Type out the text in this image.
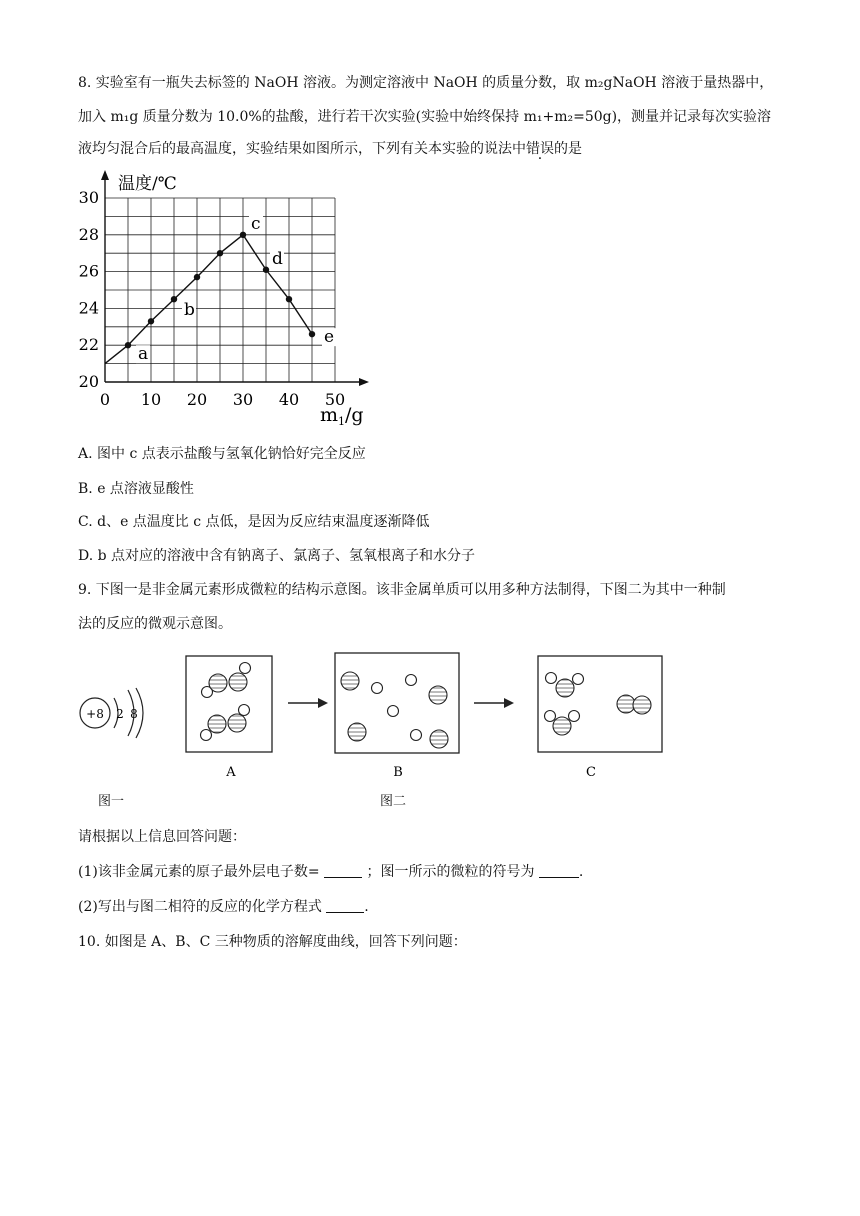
8. 实验室有一瓶失去标签的 NaOH 溶液。为测定溶液中 NaOH 的质量分数，取 m₂gNaOH 溶液于量热器中，
加入 m₁g 质量分数为 10.0%的盐酸，进行若干次实验(实验中始终保持 m₁+m₂=50g)，测量并记录每次实验溶
液均匀混合后的最高温度，实验结果如图所示，下列有关本实验的说法中错误的是
0 10 20 30 40 50
20
22
24
26
28
30
a
b
c
d
e
温度/℃
$m_1/g$
A. 图中 c 点表示盐酸与氢氧化钠恰好完全反应
B. e 点溶液显酸性
C. d、e 点温度比 c 点低，是因为反应结束温度逐渐降低
D. b 点对应的溶液中含有钠离子、氯离子、氢氧根离子和水分子
9. 下图一是非金属元素形成微粒的结构示意图。该非金属单质可以用多种方法制得，下图二为其中一种制
法的反应的微观示意图。
+8 2 8
A	B	C
图一	图二
请根据以上信息回答问题：
(1)该非金属元素的原子最外层电子数=	；图一所示的微粒的符号为	.
(2)写出与图二相符的反应的化学方程式	.
10. 如图是 A、B、C 三种物质的溶解度曲线，回答下列问题：
